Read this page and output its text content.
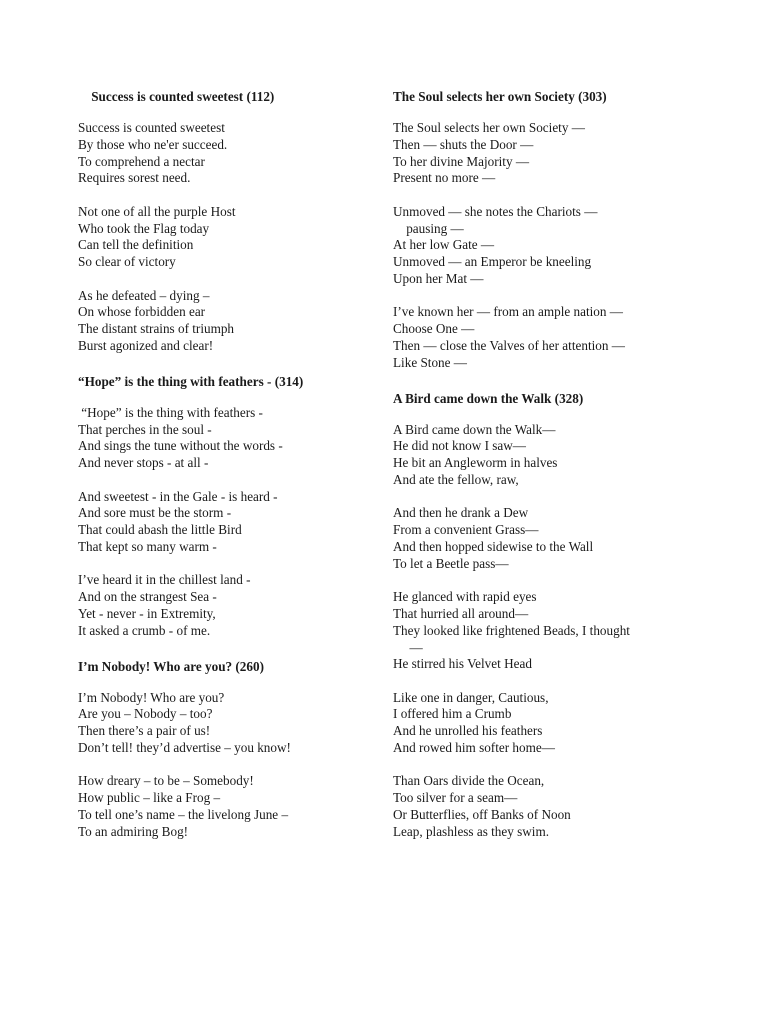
Success is counted sweetest (112)
Success is counted sweetest
By those who ne'er succeed.
To comprehend a nectar
Requires sorest need.
Not one of all the purple Host
Who took the Flag today
Can tell the definition
So clear of victory
As he defeated – dying –
On whose forbidden ear
The distant strains of triumph
Burst agonized and clear!
“Hope” is the thing with feathers - (314)
“Hope” is the thing with feathers -
That perches in the soul -
And sings the tune without the words -
And never stops - at all -
And sweetest - in the Gale - is heard -
And sore must be the storm -
That could abash the little Bird
That kept so many warm -
I’ve heard it in the chillest land -
And on the strangest Sea -
Yet - never - in Extremity,
It asked a crumb - of me.
I’m Nobody! Who are you? (260)
I’m Nobody! Who are you?
Are you – Nobody – too?
Then there’s a pair of us!
Don’t tell! they’d advertise – you know!
How dreary – to be – Somebody!
How public – like a Frog –
To tell one’s name – the livelong June –
To an admiring Bog!
The Soul selects her own Society (303)
The Soul selects her own Society —
Then — shuts the Door —
To her divine Majority —
Present no more —
Unmoved — she notes the Chariots —
pausing —
At her low Gate —
Unmoved — an Emperor be kneeling
Upon her Mat —
I’ve known her — from an ample nation —
Choose One —
Then — close the Valves of her attention —
Like Stone —
A Bird came down the Walk (328)
A Bird came down the Walk—
He did not know I saw—
He bit an Angleworm in halves
And ate the fellow, raw,
And then he drank a Dew
From a convenient Grass—
And then hopped sidewise to the Wall
To let a Beetle pass—
He glanced with rapid eyes
That hurried all around—
They looked like frightened Beads, I thought
—
He stirred his Velvet Head
Like one in danger, Cautious,
I offered him a Crumb
And he unrolled his feathers
And rowed him softer home—
Than Oars divide the Ocean,
Too silver for a seam—
Or Butterflies, off Banks of Noon
Leap, plashless as they swim.
